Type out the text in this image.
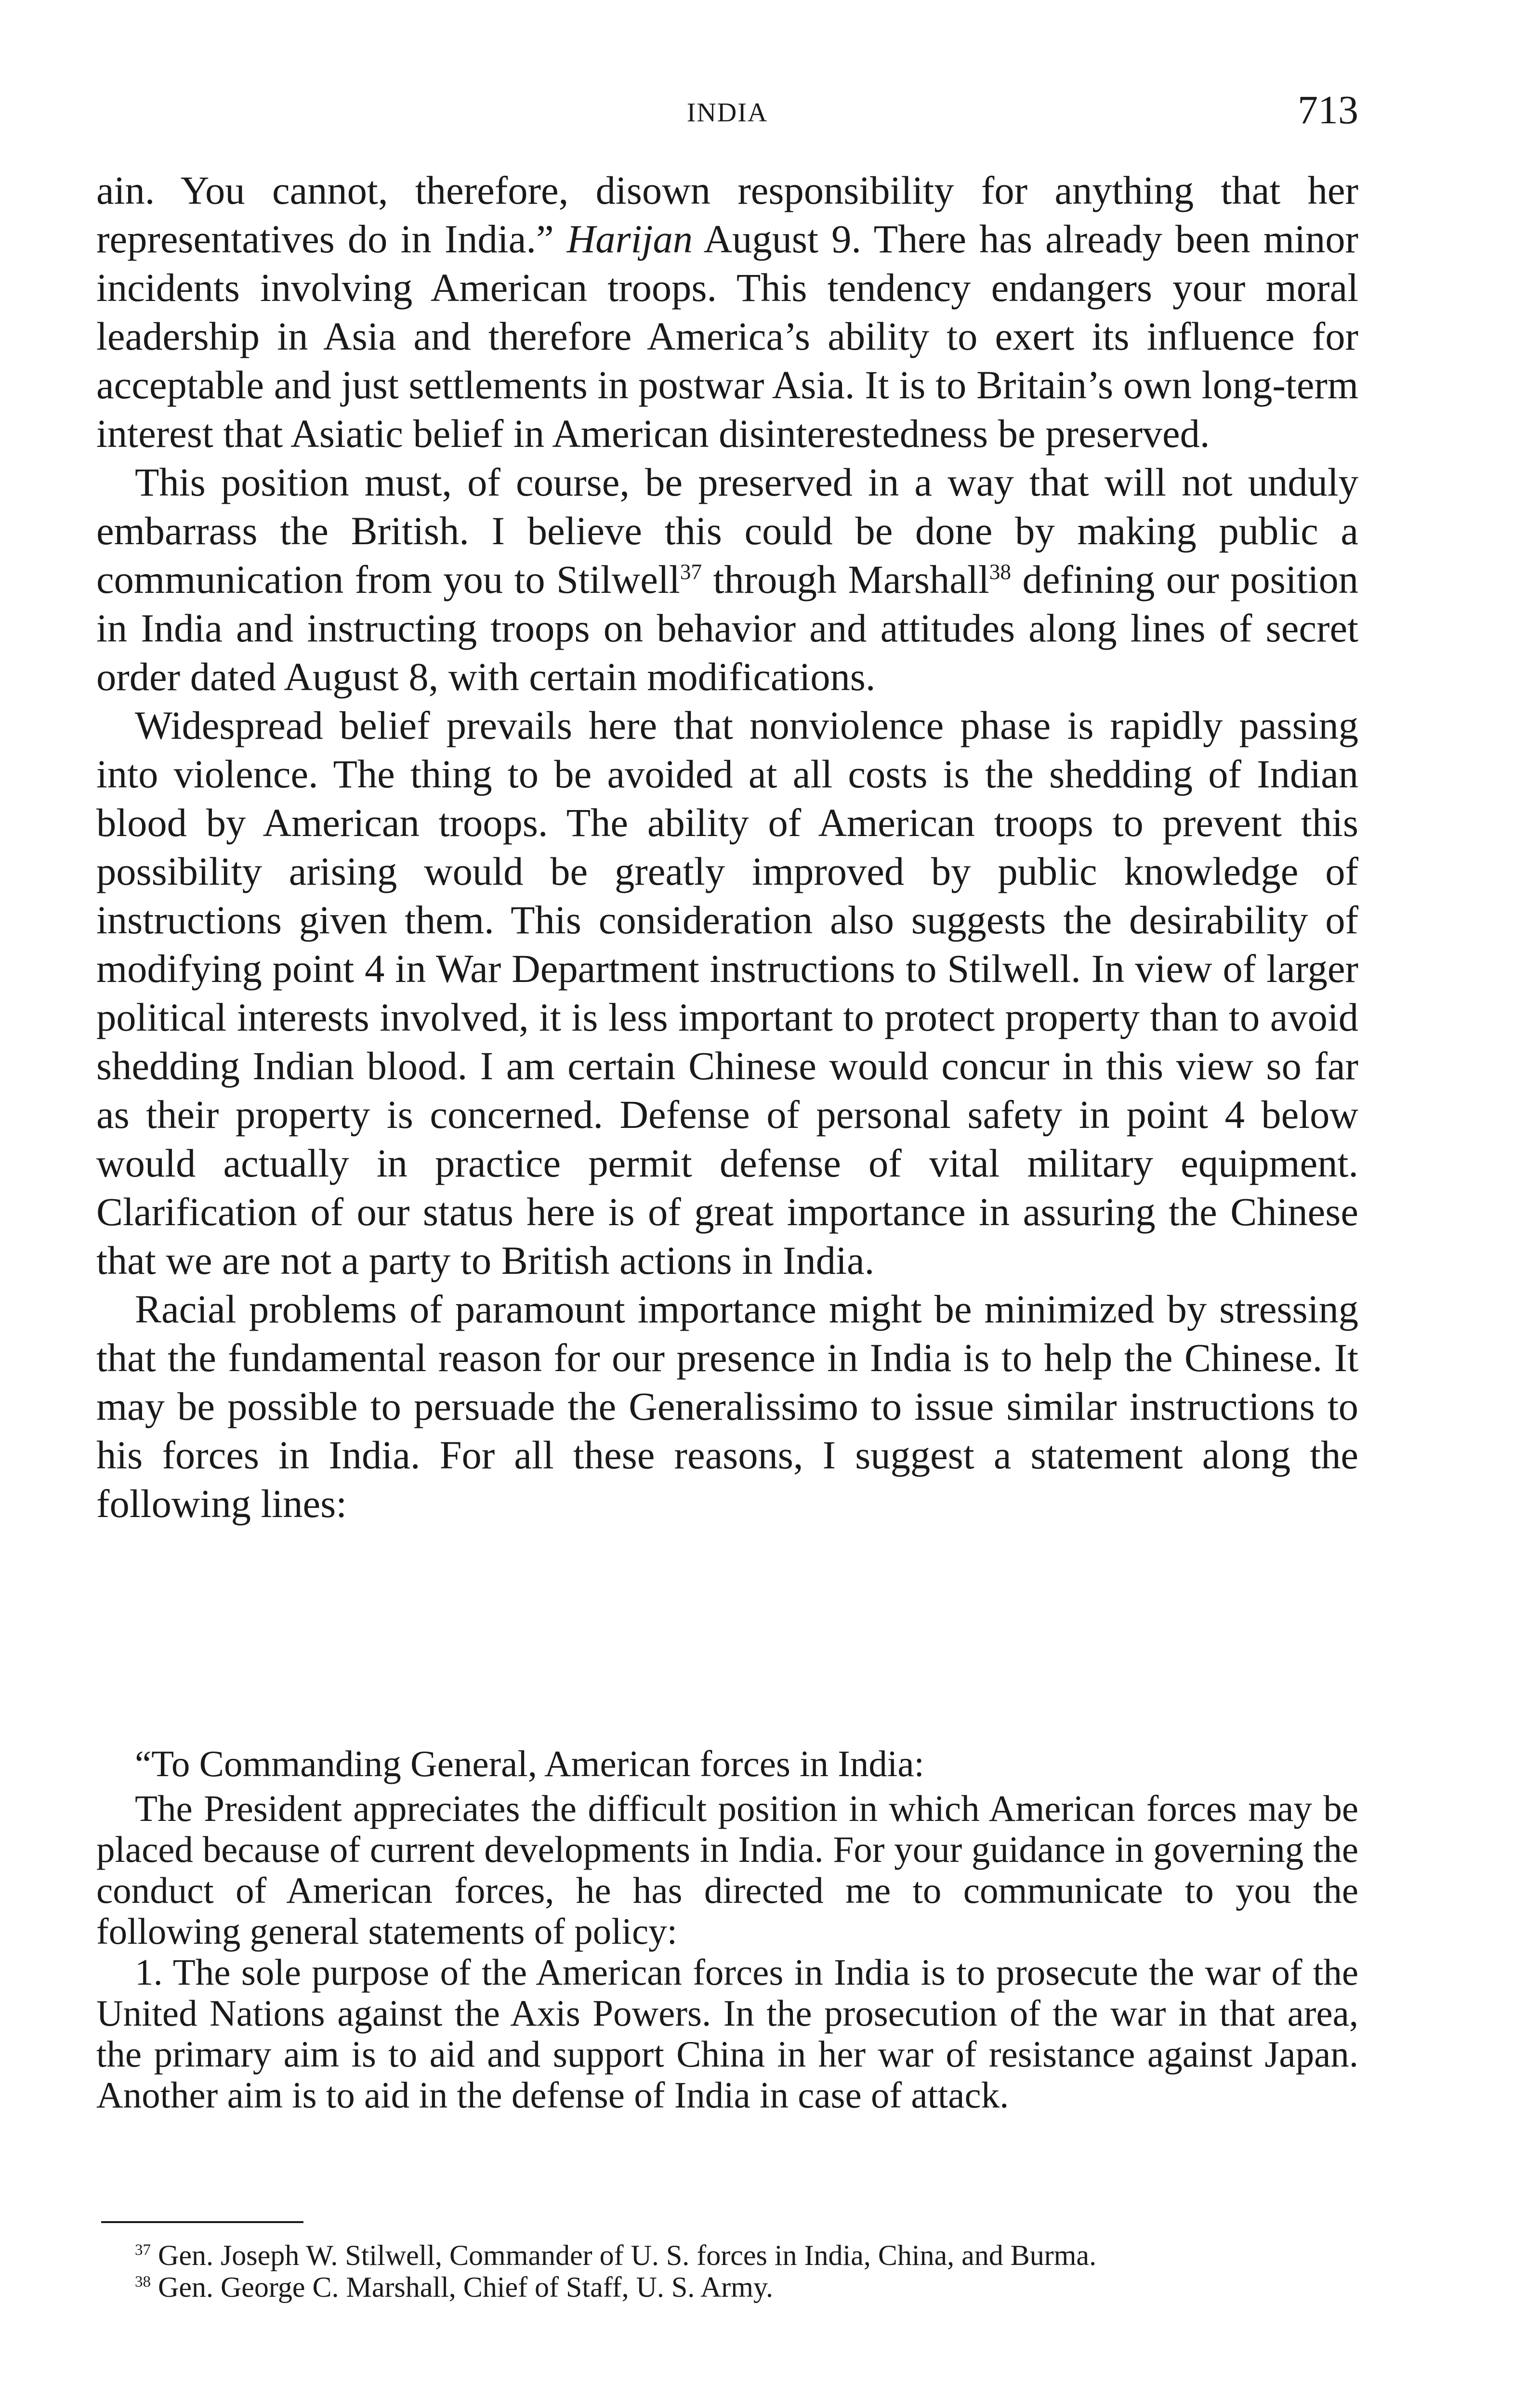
INDIA	713

ain. You cannot, therefore, disown responsibility for anything that her representatives do in India.” Harijan August 9. There has already been minor incidents involving American troops. This tendency endangers your moral leadership in Asia and therefore America’s ability to exert its influence for acceptable and just settlements in postwar Asia. It is to Britain’s own long-term interest that Asiatic belief in American disinterestedness be preserved.

This position must, of course, be preserved in a way that will not unduly embarrass the British. I believe this could be done by making public a communication from you to Stilwell$^{37}$ through Marshall$^{38}$ defining our position in India and instructing troops on behavior and attitudes along lines of secret order dated August 8, with certain modifications.

Widespread belief prevails here that nonviolence phase is rapidly passing into violence. The thing to be avoided at all costs is the shedding of Indian blood by American troops. The ability of American troops to prevent this possibility arising would be greatly improved by public knowledge of instructions given them. This consideration also suggests the desirability of modifying point 4 in War Department instructions to Stilwell. In view of larger political interests involved, it is less important to protect property than to avoid shedding Indian blood. I am certain Chinese would concur in this view so far as their property is concerned. Defense of personal safety in point 4 below would actually in practice permit defense of vital military equipment. Clarification of our status here is of great importance in assuring the Chinese that we are not a party to British actions in India.

Racial problems of paramount importance might be minimized by stressing that the fundamental reason for our presence in India is to help the Chinese. It may be possible to persuade the Generalissimo to issue similar instructions to his forces in India. For all these reasons, I suggest a statement along the following lines:

“To Commanding General, American forces in India:

The President appreciates the difficult position in which American forces may be placed because of current developments in India. For your guidance in governing the conduct of American forces, he has directed me to communicate to you the following general statements of policy:

1. The sole purpose of the American forces in India is to prosecute the war of the United Nations against the Axis Powers. In the prosecution of the war in that area, the primary aim is to aid and support China in her war of resistance against Japan. Another aim is to aid in the defense of India in case of attack.

$^{37}$ Gen. Joseph W. Stilwell, Commander of U. S. forces in India, China, and Burma.

$^{38}$ Gen. George C. Marshall, Chief of Staff, U. S. Army.
